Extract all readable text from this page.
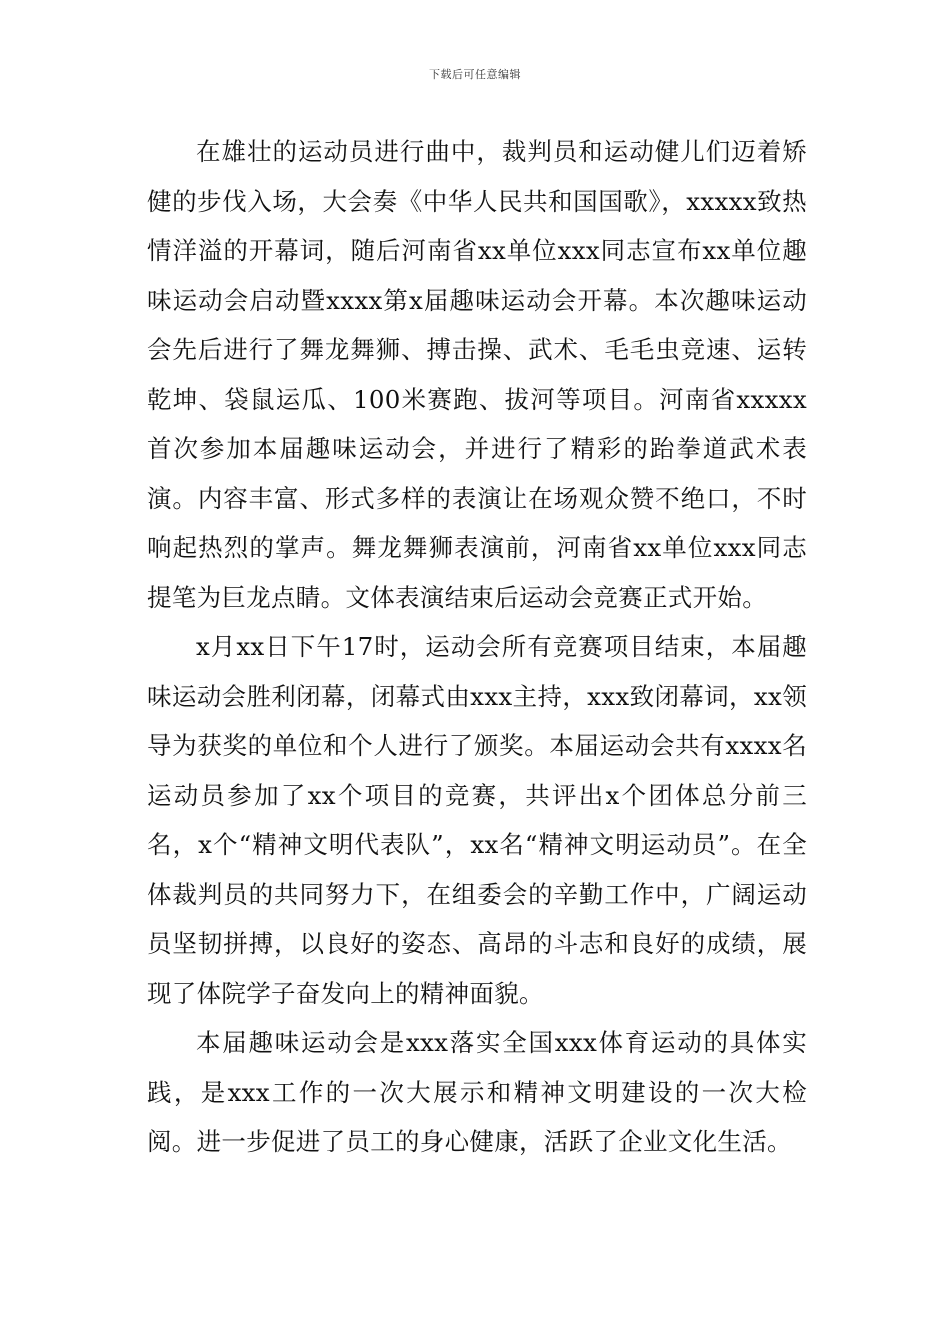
下载后可任意编辑

在雄壮的运动员进行曲中，裁判员和运动健儿们迈着矫健的步伐入场，大会奏《中华人民共和国国歌》，xxxxx致热情洋溢的开幕词，随后河南省xx单位xxx同志宣布xx单位趣味运动会启动暨xxxx第x届趣味运动会开幕。本次趣味运动会先后进行了舞龙舞狮、搏击操、武术、毛毛虫竞速、运转乾坤、袋鼠运瓜、100米赛跑、拔河等项目。河南省xxxxx首次参加本届趣味运动会，并进行了精彩的跆拳道武术表演。内容丰富、形式多样的表演让在场观众赞不绝口，不时响起热烈的掌声。舞龙舞狮表演前，河南省xx单位xxx同志提笔为巨龙点睛。文体表演结束后运动会竞赛正式开始。

x月xx日下午17时，运动会所有竞赛项目结束，本届趣味运动会胜利闭幕，闭幕式由xxx主持，xxx致闭幕词，xx领导为获奖的单位和个人进行了颁奖。本届运动会共有xxxx名运动员参加了xx个项目的竞赛，共评出x个团体总分前三名，x个“精神文明代表队”，xx名“精神文明运动员”。在全体裁判员的共同努力下，在组委会的辛勤工作中，广阔运动员坚韧拼搏，以良好的姿态、高昂的斗志和良好的成绩，展现了体院学子奋发向上的精神面貌。

本届趣味运动会是xxx落实全国xxx体育运动的具体实践，是xxx工作的一次大展示和精神文明建设的一次大检阅。进一步促进了员工的身心健康，活跃了企业文化生活。
